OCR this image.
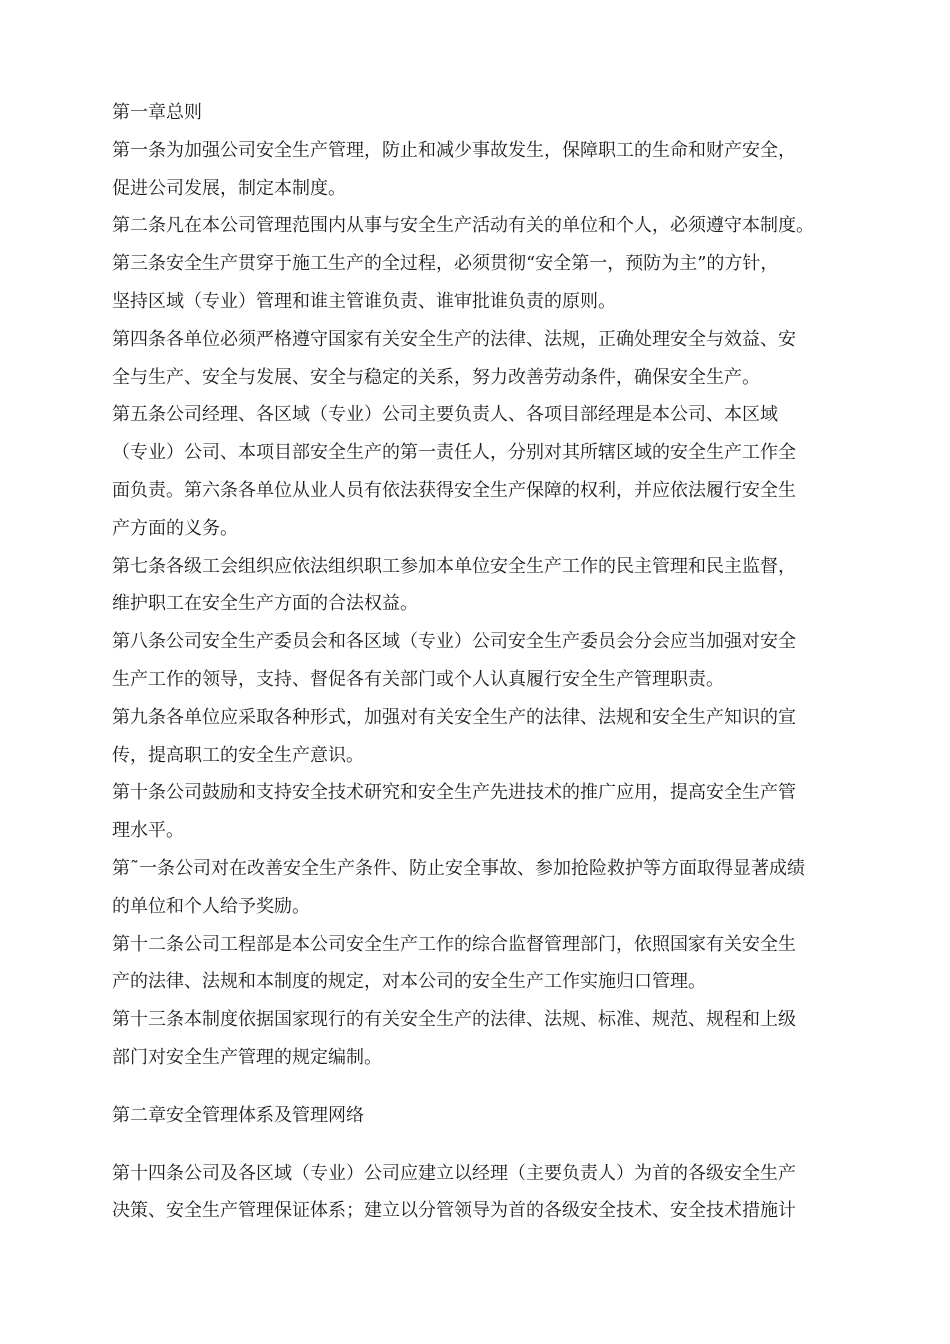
第一章总则
第一条为加强公司安全生产管理，防止和减少事故发生，保障职工的生命和财产安全，
促进公司发展，制定本制度。
第二条凡在本公司管理范围内从事与安全生产活动有关的单位和个人，必须遵守本制度。
第三条安全生产贯穿于施工生产的全过程，必须贯彻“安全第一，预防为主”的方针，
坚持区域（专业）管理和谁主管谁负责、谁审批谁负责的原则。
第四条各单位必须严格遵守国家有关安全生产的法律、法规，正确处理安全与效益、安
全与生产、安全与发展、安全与稳定的关系，努力改善劳动条件，确保安全生产。
第五条公司经理、各区域（专业）公司主要负责人、各项目部经理是本公司、本区域
（专业）公司、本项目部安全生产的第一责任人，分别对其所辖区域的安全生产工作全
面负责。第六条各单位从业人员有依法获得安全生产保障的权利，并应依法履行安全生
产方面的义务。
第七条各级工会组织应依法组织职工参加本单位安全生产工作的民主管理和民主监督，
维护职工在安全生产方面的合法权益。
第八条公司安全生产委员会和各区域（专业）公司安全生产委员会分会应当加强对安全
生产工作的领导，支持、督促各有关部门或个人认真履行安全生产管理职责。
第九条各单位应采取各种形式，加强对有关安全生产的法律、法规和安全生产知识的宣
传，提高职工的安全生产意识。
第十条公司鼓励和支持安全技术研究和安全生产先进技术的推广应用，提高安全生产管
理水平。
第˜一条公司对在改善安全生产条件、防止安全事故、参加抢险救护等方面取得显著成绩
的单位和个人给予奖励。
第十二条公司工程部是本公司安全生产工作的综合监督管理部门，依照国家有关安全生
产的法律、法规和本制度的规定，对本公司的安全生产工作实施归口管理。
第十三条本制度依据国家现行的有关安全生产的法律、法规、标准、规范、规程和上级
部门对安全生产管理的规定编制。
第二章安全管理体系及管理网络
第十四条公司及各区域（专业）公司应建立以经理（主要负责人）为首的各级安全生产
决策、安全生产管理保证体系；建立以分管领导为首的各级安全技术、安全技术措施计
